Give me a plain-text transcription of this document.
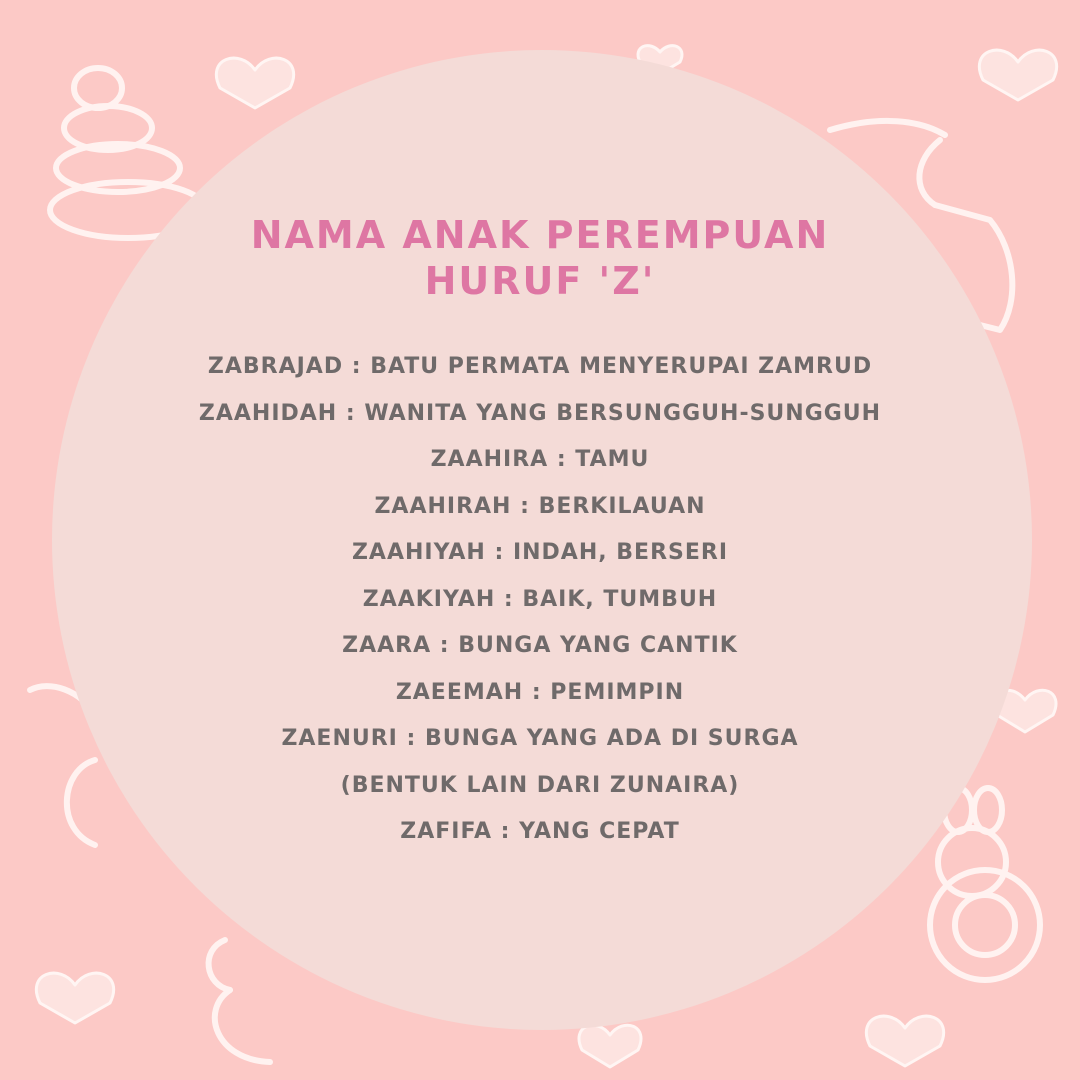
NAMA ANAK PEREMPUAN
HURUF 'Z'
ZABRAJAD : BATU PERMATA MENYERUPAI ZAMRUD
ZAAHIDAH : WANITA YANG BERSUNGGUH-SUNGGUH
ZAAHIRA : TAMU
ZAAHIRAH : BERKILAUAN
ZAAHIYAH : INDAH, BERSERI
ZAAKIYAH : BAIK, TUMBUH
ZAARA : BUNGA YANG CANTIK
ZAEEMAH : PEMIMPIN
ZAENURI : BUNGA YANG ADA DI SURGA
(BENTUK LAIN DARI ZUNAIRA)
ZAFIFA : YANG CEPAT
